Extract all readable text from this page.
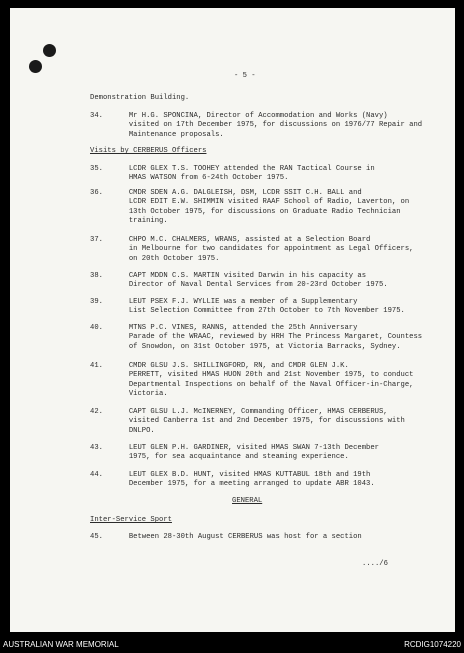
- 5 -
Demonstration Building.
34.      Mr H.G. SPONCINA, Director of Accommodation and Works (Navy)
visited on 17th December 1975, for discussions on 1976/77 Repair and
Maintenance proposals.
Visits by CERBERUS Officers
35.      LCDR GLEX T.S. TOOHEY attended the RAN Tactical Course in
HMAS WATSON from 6-24th October 1975.
36.      CMDR SDEN A.G. DALGLEISH, DSM, LCDR SSIT C.H. BALL and
LCDR EDIT E.W. SHIMMIN visited RAAF School of Radio, Laverton, on
13th October 1975, for discussions on Graduate Radio Technician
training.
37.      CHPO M.C. CHALMERS, WRANS, assisted at a Selection Board
in Melbourne for two candidates for appointment as Legal Officers,
on 20th October 1975.
38.      CAPT MDDN C.S. MARTIN visited Darwin in his capacity as
Director of Naval Dental Services from 20-23rd October 1975.
39.      LEUT PSEX F.J. WYLLIE was a member of a Supplementary
List Selection Committee from 27th October to 7th November 1975.
40.      MTNS P.C. VINES, RANNS, attended the 25th Anniversary
Parade of the WRAAC, reviewed by HRH The Princess Margaret, Countess
of Snowdon, on 31st October 1975, at Victoria Barracks, Sydney.
41.      CMDR GLSU J.S. SHILLINGFORD, RN, and CMDR GLEN J.K.
PERRETT, visited HMAS HUON 20th and 21st November 1975, to conduct
Departmental Inspections on behalf of the Naval Officer-in-Charge,
Victoria.
42.      CAPT GLSU L.J. McINERNEY, Commanding Officer, HMAS CERBERUS,
visited Canberra 1st and 2nd December 1975, for discussions with
DNLPO.
43.      LEUT GLEN P.H. GARDINER, visited HMAS SWAN 7-13th December
1975, for sea acquaintance and steaming experience.
44.      LEUT GLEX B.D. HUNT, visited HMAS KUTTABUL 18th and 19th
December 1975, for a meeting arranged to update ABR 1043.
GENERAL
Inter-Service Sport
45.      Between 28-30th August CERBERUS was host for a section
..../6
AUSTRALIAN WAR MEMORIAL	RCDIG1074220
